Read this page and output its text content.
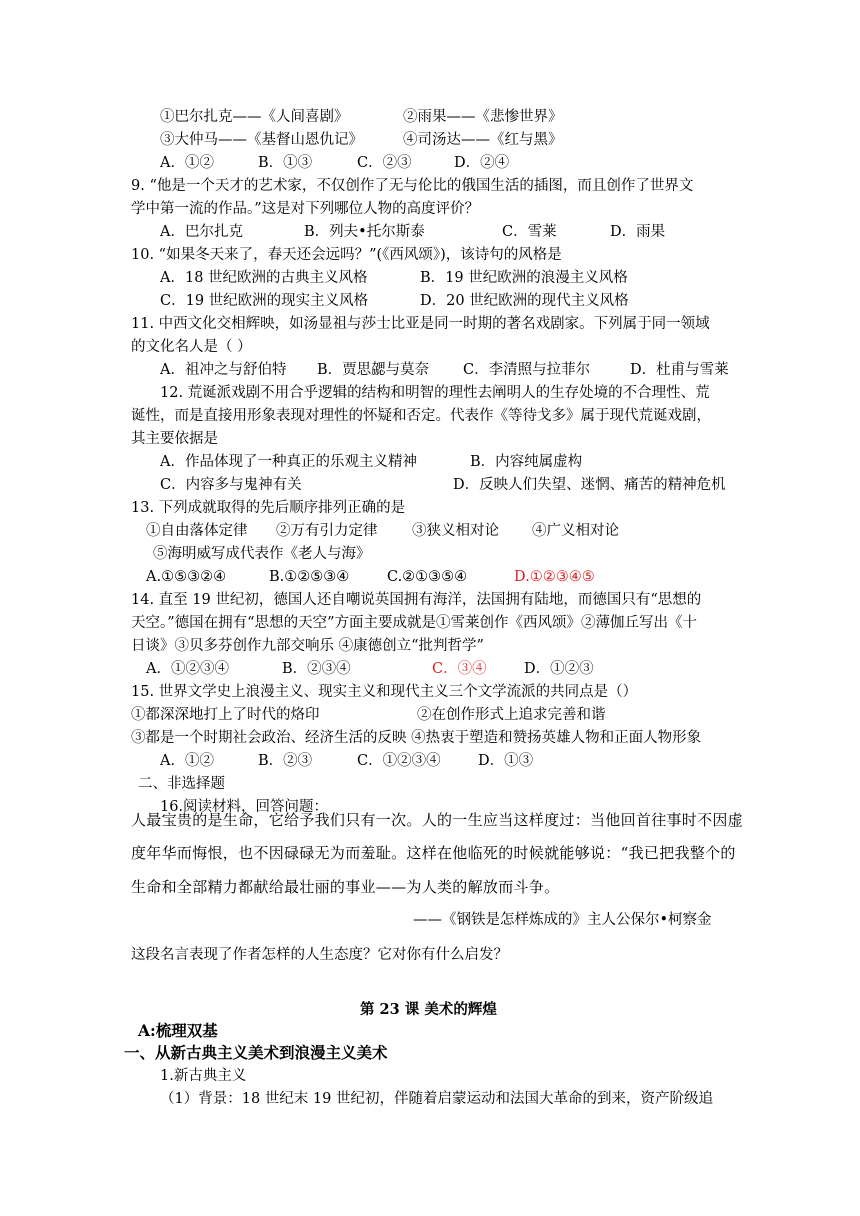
①巴尔扎克——《人间喜剧》	②雨果——《悲惨世界》
③大仲马——《基督山恩仇记》	④司汤达——《红与黑》
A．①②	B．①③	C．②③	D．②④
9. “他是一个天才的艺术家，不仅创作了无与伦比的俄国生活的插图，而且创作了世界文
学中第一流的作品。”这是对下列哪位人物的高度评价？
A．巴尔扎克	B．列夫•托尔斯泰	C．雪莱	D．雨果
10. “如果冬天来了，春天还会远吗？”(《西风颂》)，该诗句的风格是
A．18 世纪欧洲的古典主义风格	B．19 世纪欧洲的浪漫主义风格
C．19 世纪欧洲的现实主义风格	D．20 世纪欧洲的现代主义风格
11. 中西文化交相辉映，如汤显祖与莎士比亚是同一时期的著名戏剧家。下列属于同一领域
的文化名人是（ ）
A．祖冲之与舒伯特 B．贾思勰与莫奈 C．李清照与拉菲尔	D．杜甫与雪莱
12. 荒诞派戏剧不用合乎逻辑的结构和明智的理性去阐明人的生存处境的不合理性、荒
诞性，而是直接用形象表现对理性的怀疑和否定。代表作《等待戈多》属于现代荒诞戏剧，
其主要依据是
A．作品体现了一种真正的乐观主义精神	B．内容纯属虚构
C．内容多与鬼神有关	D．反映人们失望、迷惘、痛苦的精神危机
13. 下列成就取得的先后顺序排列正确的是
①自由落体定律 ②万有引力定律 ③狭义相对论 ④广义相对论
⑤海明威写成代表作《老人与海》
A.①⑤③②④	B.①②⑤③④	C.②①③⑤④	D.①②③④⑤
14. 直至 19 世纪初，德国人还自嘲说英国拥有海洋，法国拥有陆地，而德国只有“思想的
天空。”德国在拥有“思想的天空”方面主要成就是①雪莱创作《西风颂》②薄伽丘写出《十
日谈》③贝多芬创作九部交响乐 ④康德创立“批判哲学”
A．①②③④	B．②③④	C．③④	D．①②③
15. 世界文学史上浪漫主义、现实主义和现代主义三个文学流派的共同点是（）
①都深深地打上了时代的烙印	②在创作形式上追求完善和谐
③都是一个时期社会政治、经济生活的反映 ④热衷于塑造和赞扬英雄人物和正面人物形象
A．①②	B．②③	C．①②③④	D．①③
二、非选择题
16.阅读材料，回答问题：
人最宝贵的是生命，它给予我们只有一次。人的一生应当这样度过：当他回首往事时不因虚
度年华而悔恨，也不因碌碌无为而羞耻。这样在他临死的时候就能够说：“我已把我整个的
生命和全部精力都献给最壮丽的事业——为人类的解放而斗争。
——《钢铁是怎样炼成的》主人公保尔•柯察金
这段名言表现了作者怎样的人生态度？它对你有什么启发？
第 23 课 美术的辉煌
A:梳理双基
一、从新古典主义美术到浪漫主义美术
1.新古典主义
（1）背景：18 世纪末 19 世纪初，伴随着启蒙运动和法国大革命的到来，资产阶级追
